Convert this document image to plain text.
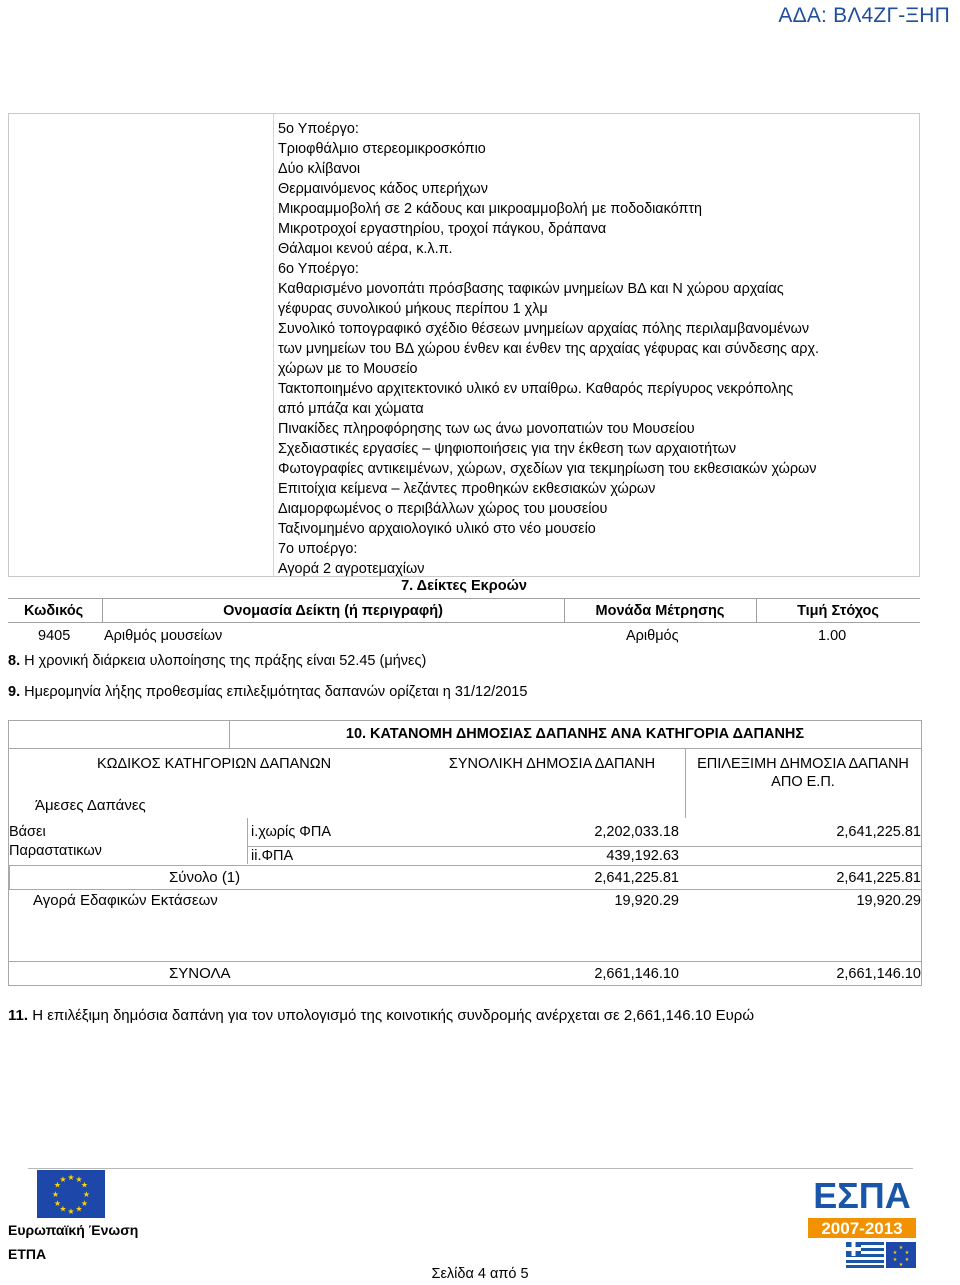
ΑΔΑ: ΒΛ4ΖΓ-ΞΗΠ
5ο Υποέργο:
Τριοφθάλμιο στερεομικροσκόπιο
Δύο κλίβανοι
Θερμαινόμενος κάδος υπερήχων
Μικροαμμοβολή σε 2 κάδους και μικροαμμοβολή με ποδοδιακόπτη
Μικροτροχοί εργαστηρίου, τροχοί πάγκου, δράπανα
Θάλαμοι κενού αέρα, κ.λ.π.
6ο Υποέργο:
Καθαρισμένο μονοπάτι πρόσβασης ταφικών μνημείων ΒΔ και Ν χώρου αρχαίας
γέφυρας συνολικού μήκους περίπου 1 χλμ
Συνολικό τοπογραφικό σχέδιο θέσεων μνημείων αρχαίας πόλης περιλαμβανομένων
των μνημείων του ΒΔ χώρου ένθεν και ένθεν της αρχαίας γέφυρας και σύνδεσης αρχ.
χώρων με το Μουσείο
Τακτοποιημένο αρχιτεκτονικό υλικό εν υπαίθρω. Καθαρός περίγυρος νεκρόπολης
από μπάζα και χώματα
Πινακίδες πληροφόρησης των ως άνω μονοπατιών του Μουσείου
Σχεδιαστικές εργασίες – ψηφιοποιήσεις για την έκθεση των αρχαιοτήτων
Φωτογραφίες αντικειμένων, χώρων, σχεδίων για τεκμηρίωση του εκθεσιακών χώρων
Επιτοίχια κείμενα – λεζάντες προθηκών εκθεσιακών χώρων
Διαμορφωμένος ο περιβάλλων χώρος του μουσείου
Ταξινομημένο αρχαιολογικό υλικό στο νέο μουσείο
7ο υποέργο:
Αγορά 2 αγροτεμαχίων
7. Δείκτες Εκροών
Κωδικός	Ονομασία Δείκτη (ή περιγραφή)	Μονάδα Μέτρησης	Τιμή Στόχος
9405 Αριθμός μουσείων	Αριθμός	1.00
8. Η χρονική διάρκεια υλοποίησης της πράξης είναι 52.45 (μήνες)
9. Ημερομηνία λήξης προθεσμίας επιλεξιμότητας δαπανών ορίζεται η 31/12/2015
10. ΚΑΤΑΝΟΜΗ ΔΗΜΟΣΙΑΣ ΔΑΠΑΝΗΣ ΑΝΑ ΚΑΤΗΓΟΡΙΑ ΔΑΠΑΝΗΣ
ΚΩΔΙΚΟΣ ΚΑΤΗΓΟΡΙΩΝ ΔΑΠΑΝΩΝ	ΣΥΝΟΛΙΚΗ ΔΗΜΟΣΙΑ ΔΑΠΑΝΗ	ΕΠΙΛΕΞΙΜΗ ΔΗΜΟΣΙΑ ΔΑΠΑΝΗ
ΑΠΟ Ε.Π.
Άμεσες Δαπάνες
Βάσει
Παραστατικων
i.χωρίς ΦΠΑ	2,202,033.18	2,641,225.81
ii.ΦΠΑ	439,192.63
Σύνολο (1)	2,641,225.81	2,641,225.81
Αγορά Εδαφικών Εκτάσεων	19,920.29	19,920.29
ΣΥΝΟΛΑ	2,661,146.10	2,661,146.10
11. Η επιλέξιμη δημόσια δαπάνη για τον υπολογισμό της κοινοτικής συνδρομής ανέρχεται σε 2,661,146.10 Ευρώ
★ ★
★
★
★
★
★
★
★
★
★
★
Ευρωπαϊκή Ένωση
ΕΤΠΑ
ΕΣΠΑ
2007-2013
★
★
★
★
★
★
Σελίδα 4 από 5
